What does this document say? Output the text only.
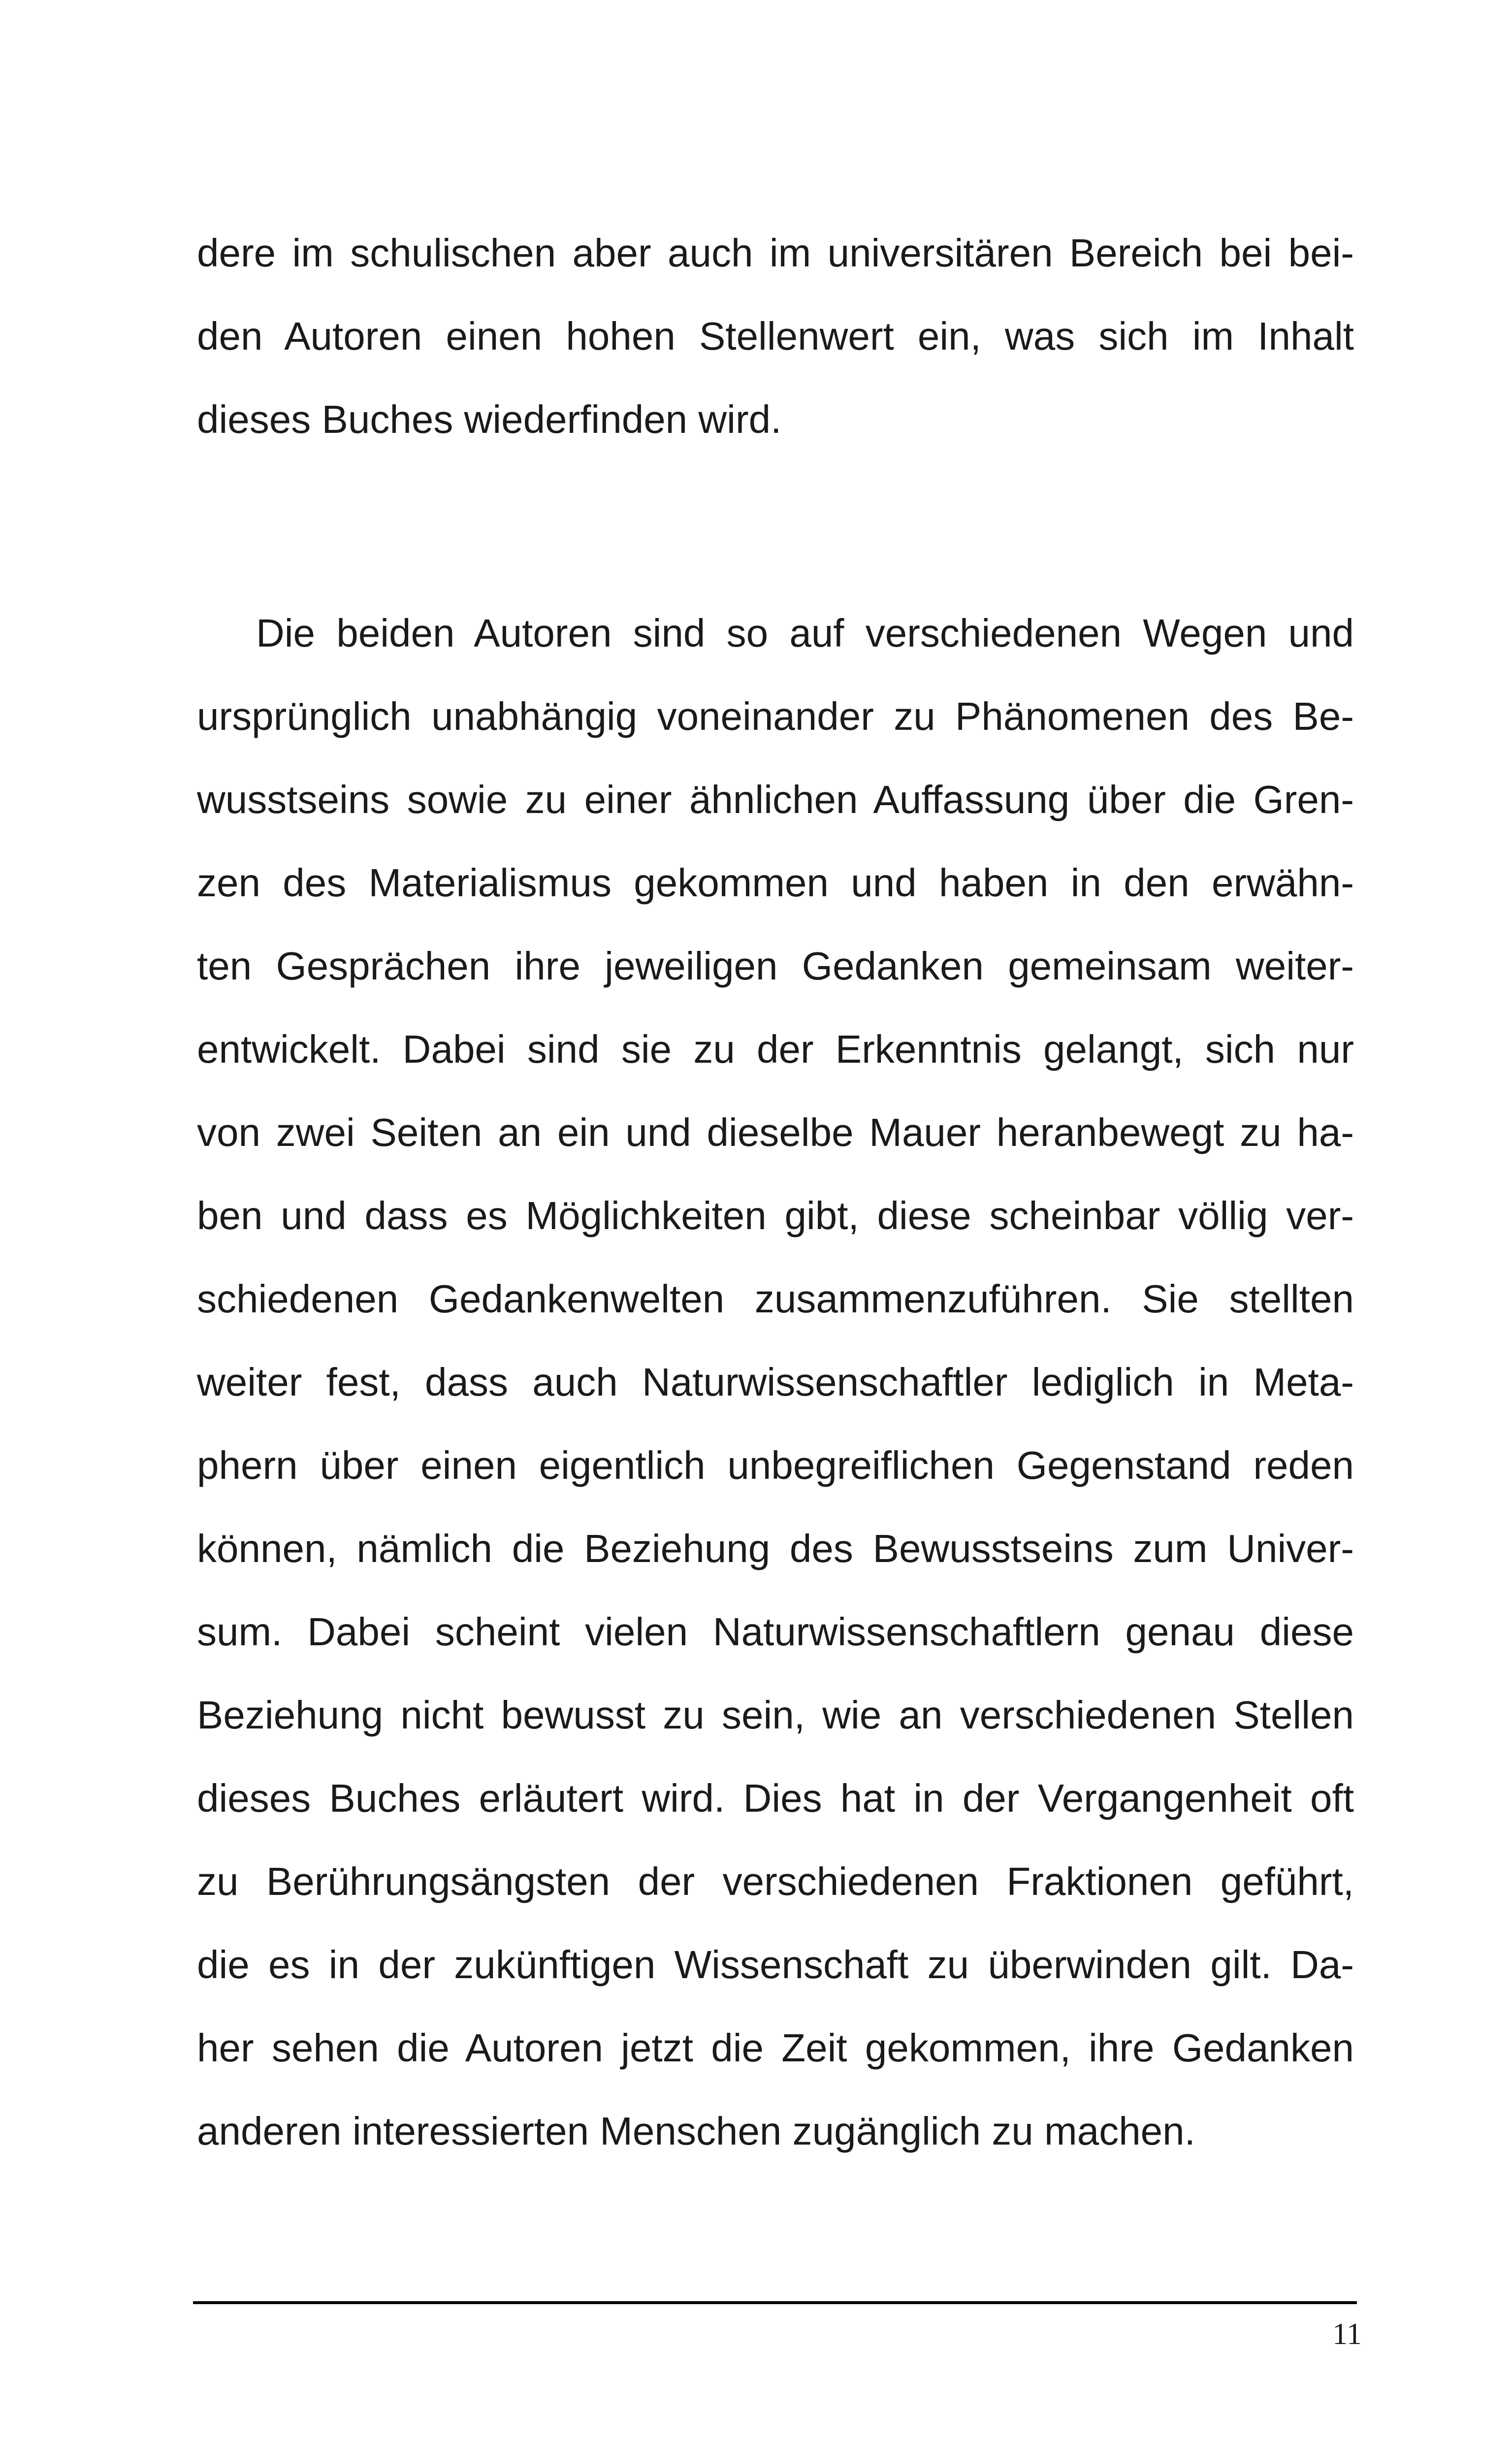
dere im schulischen aber auch im universitären Bereich bei bei-
den Autoren einen hohen Stellenwert ein, was sich im Inhalt
dieses Buches wiederfinden wird.
Die beiden Autoren sind so auf verschiedenen Wegen und
ursprünglich unabhängig voneinander zu Phänomenen des Be-
wusstseins sowie zu einer ähnlichen Auffassung über die Gren-
zen des Materialismus gekommen und haben in den erwähn-
ten Gesprächen ihre jeweiligen Gedanken gemeinsam weiter-
entwickelt. Dabei sind sie zu der Erkenntnis gelangt, sich nur
von zwei Seiten an ein und dieselbe Mauer heranbewegt zu ha-
ben und dass es Möglichkeiten gibt, diese scheinbar völlig ver-
schiedenen Gedankenwelten zusammenzuführen. Sie stellten
weiter fest, dass auch Naturwissenschaftler lediglich in Meta-
phern über einen eigentlich unbegreiflichen Gegenstand reden
können, nämlich die Beziehung des Bewusstseins zum Univer-
sum. Dabei scheint vielen Naturwissenschaftlern genau diese
Beziehung nicht bewusst zu sein, wie an verschiedenen Stellen
dieses Buches erläutert wird. Dies hat in der Vergangenheit oft
zu Berührungsängsten der verschiedenen Fraktionen geführt,
die es in der zukünftigen Wissenschaft zu überwinden gilt. Da-
her sehen die Autoren jetzt die Zeit gekommen, ihre Gedanken
anderen interessierten Menschen zugänglich zu machen.
11
